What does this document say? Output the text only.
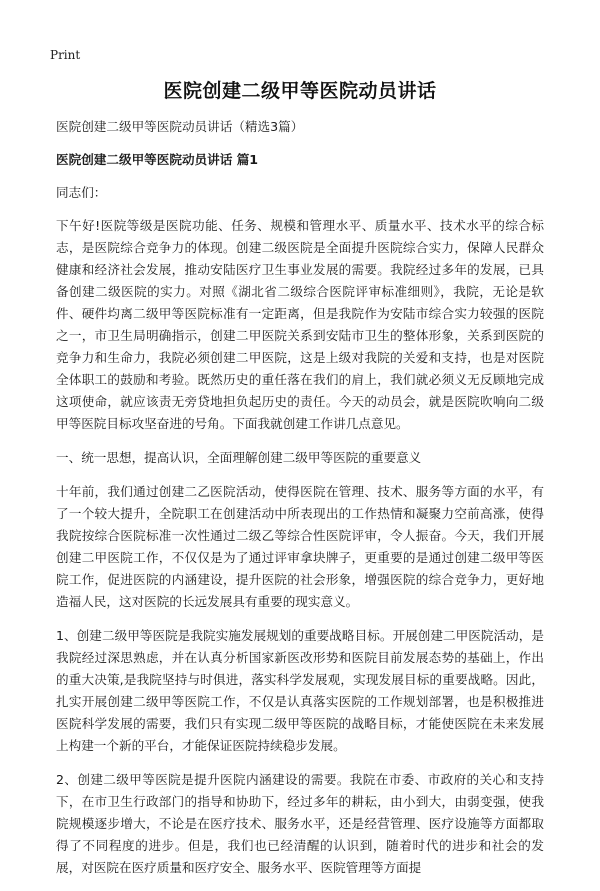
Print
医院创建二级甲等医院动员讲话

医院创建二级甲等医院动员讲话（精选3篇）

医院创建二级甲等医院动员讲话 篇1

同志们：

下午好!医院等级是医院功能、任务、规模和管理水平、质量水平、技术水平的综合标志，是医院综合竞争力的体现。创建二级医院是全面提升医院综合实力，保障人民群众健康和经济社会发展，推动安陆医疗卫生事业发展的需要。我院经过多年的发展，已具备创建二级医院的实力。对照《湖北省二级综合医院评审标准细则》，我院，无论是软件、硬件均离二级甲等医院标准有一定距离，但是我院作为安陆市综合实力较强的医院之一，市卫生局明确指示，创建二甲医院关系到安陆市卫生的整体形象，关系到医院的竞争力和生命力，我院必须创建二甲医院，这是上级对我院的关爱和支持，也是对医院全体职工的鼓励和考验。既然历史的重任落在我们的肩上，我们就必须义无反顾地完成这项使命，就应该责无旁贷地担负起历史的责任。今天的动员会，就是医院吹响向二级甲等医院目标攻坚奋进的号角。下面我就创建工作讲几点意见。

一、统一思想，提高认识，全面理解创建二级甲等医院的重要意义

十年前，我们通过创建二乙医院活动，使得医院在管理、技术、服务等方面的水平，有了一个较大提升，全院职工在创建活动中所表现出的工作热情和凝聚力空前高涨，使得我院按综合医院标准一次性通过二级乙等综合性医院评审，令人振奋。今天，我们开展创建二甲医院工作，不仅仅是为了通过评审拿块牌子，更重要的是通过创建二级甲等医院工作，促进医院的内涵建设，提升医院的社会形象，增强医院的综合竞争力，更好地造福人民，这对医院的长远发展具有重要的现实意义。

1、创建二级甲等医院是我院实施发展规划的重要战略目标。开展创建二甲医院活动，是我院经过深思熟虑，并在认真分析国家新医改形势和医院目前发展态势的基础上，作出的重大决策,是我院坚持与时俱进，落实科学发展观，实现发展目标的重要战略。因此，扎实开展创建二级甲等医院工作，不仅是认真落实医院的工作规划部署，也是积极推进医院科学发展的需要，我们只有实现二级甲等医院的战略目标，才能使医院在未来发展上构建一个新的平台，才能保证医院持续稳步发展。

2、创建二级甲等医院是提升医院内涵建设的需要。我院在市委、市政府的关心和支持下，在市卫生行政部门的指导和协助下，经过多年的耕耘，由小到大，由弱变强，使我院规模逐步增大，不论是在医疗技术、服务水平，还是经营管理、医疗设施等方面都取得了不同程度的进步。但是，我们也已经清醒的认识到，随着时代的进步和社会的发展，对医院在医疗质量和医疗安全、服务水平、医院管理等方面提
